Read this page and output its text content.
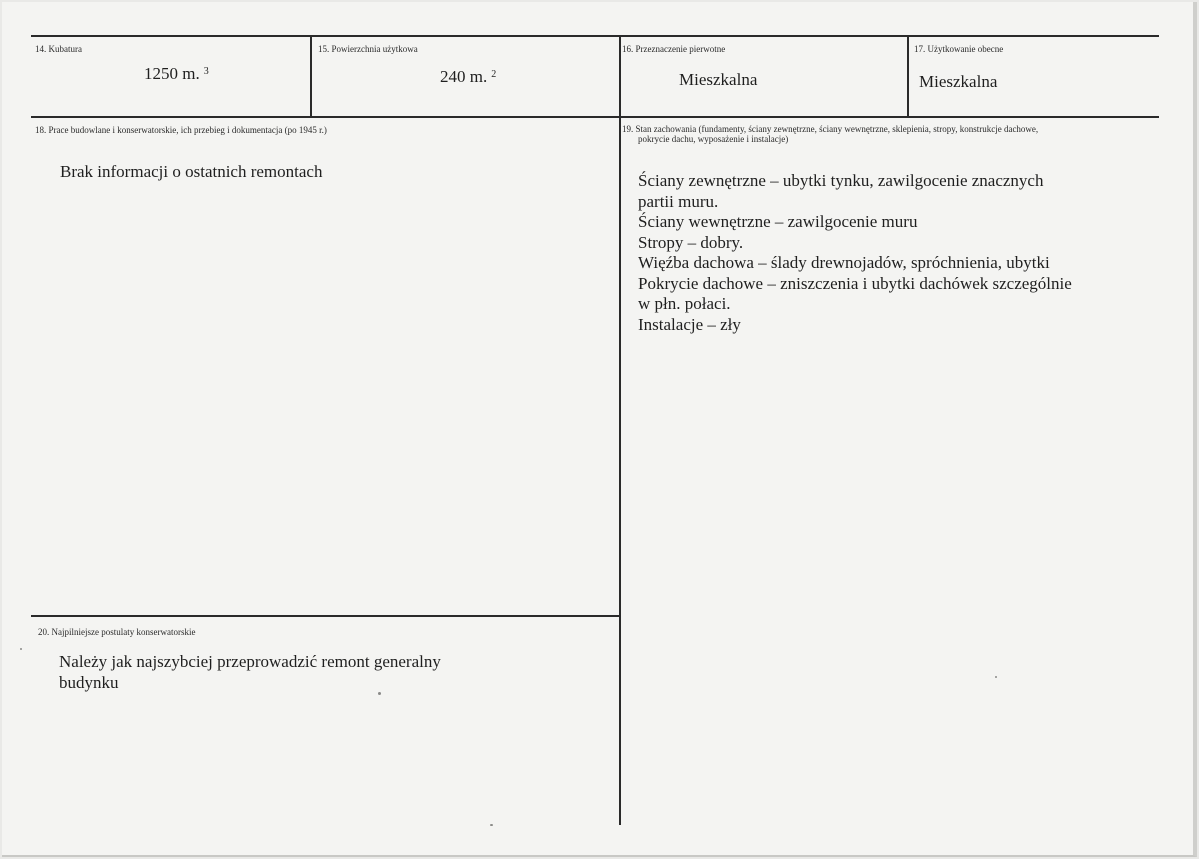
14. Kubatura
1250 m. $^3$
15. Powierzchnia użytkowa
240 m. $^2$
16. Przeznaczenie pierwotne
Mieszkalna
17. Użytkowanie obecne
Mieszkalna
18. Prace budowlane i konserwatorskie, ich przebieg i dokumentacja (po 1945 r.)
Brak informacji o ostatnich remontach
19. Stan zachowania (fundamenty, ściany zewnętrzne, ściany wewnętrzne, sklepienia, stropy, konstrukcje dachowe,
pokrycie dachu, wyposażenie i instalacje)
Ściany zewnętrzne – ubytki tynku, zawilgocenie znacznych
partii muru.
Ściany wewnętrzne – zawilgocenie muru
Stropy – dobry.
Więźba dachowa – ślady drewnojadów, spróchnienia, ubytki
Pokrycie dachowe – zniszczenia i ubytki dachówek szczególnie
w płn. połaci.
Instalacje – zły
20. Najpilniejsze postulaty konserwatorskie
Należy jak najszybciej przeprowadzić remont generalny
budynku
